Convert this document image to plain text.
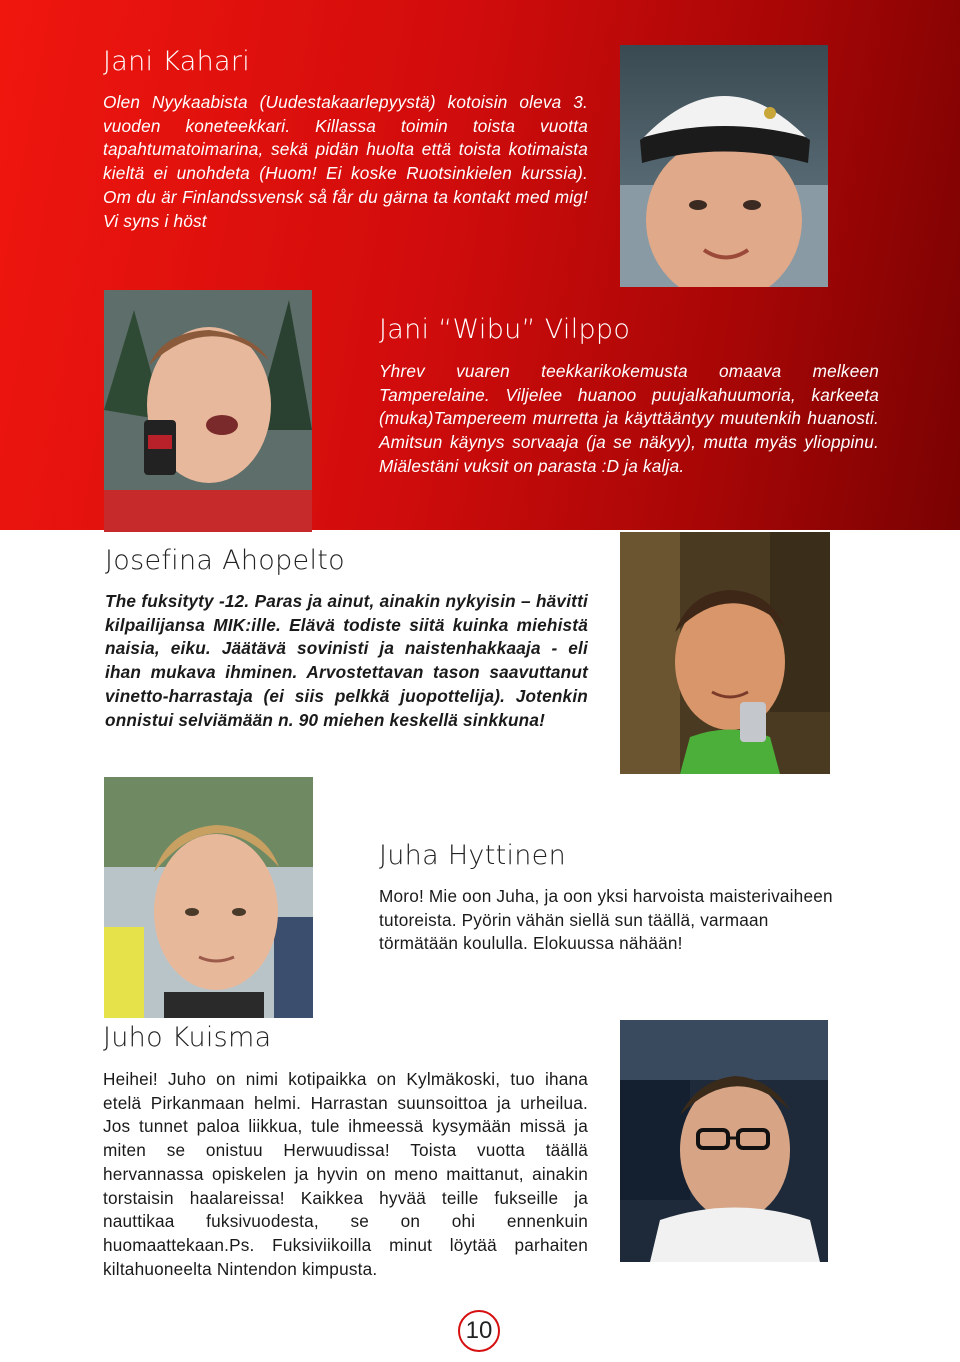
Jani Kahari

Olen Nyykaabista (Uudestakaarlepyystä) kotoisin oleva 3. vuoden koneteekkari. Killassa toimin toista vuotta tapahtumatoimarina, sekä pidän huolta että toista kotimaista kieltä ei unohdeta (Huom! Ei koske Ruotsinkielen kurssia). Om du är Finlandssvensk så får du gärna ta kontakt med mig! Vi syns i höst

Jani “Wibu” Vilppo

Yhrev vuaren teekkarikokemusta omaava melkeen Tamperelaine. Viljelee huanoo puujalkahuumoria, karkeeta (muka)Tampereem murretta ja käyttääntyy muutenkih huanosti. Amitsun käynys sorvaaja (ja se näkyy), mutta myäs ylioppinu. Miälestäni vuksit on parasta :D ja kalja.

Josefina Ahopelto

The fuksityty -12. Paras ja ainut, ainakin nykyisin – hävitti kilpailijansa MIK:ille. Elävä todiste siitä kuinka miehistä naisia, eiku. Jäätävä sovinisti ja naistenhakkaaja - eli ihan mukava ihminen. Arvostettavan tason saavuttanut vinetto-harrastaja (ei siis pelkkä juopottelija). Jotenkin onnistui selviämään n. 90 miehen keskellä sinkkuna!

Juha Hyttinen

Moro! Mie oon Juha, ja oon yksi harvoista maisterivaiheen tutoreista. Pyörin vähän siellä sun täällä, varmaan törmätään koululla. Elokuussa nähään!

Juho Kuisma

Heihei! Juho on nimi kotipaikka on Kylmäkoski, tuo ihana etelä Pirkanmaan helmi. Harrastan suunsoittoa ja urheilua. Jos tunnet paloa liikkua, tule ihmeessä kysymään missä ja miten se onistuu Herwuudissa! Toista vuotta täällä hervannassa opiskelen ja hyvin on meno maittanut, ainakin torstaisin haalareissa! Kaikkea hyvää teille fukseille ja nauttikaa fuksivuodesta, se on ohi ennenkuin huomaattekaan.Ps. Fuksiviikoilla minut löytää parhaiten kiltahuoneelta Nintendon kimpusta.

10
